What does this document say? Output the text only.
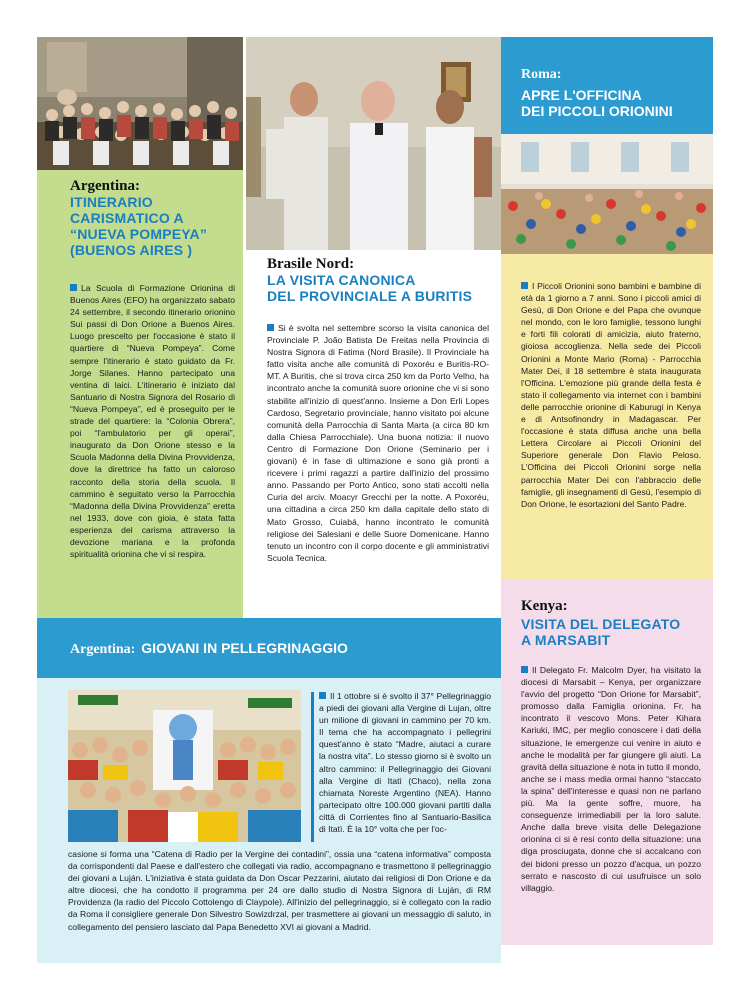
Argentina:
ITINERARIO CARISMATICO A “NUEVA POMPEYA” (BUENOS AIRES )
La Scuola di Formazione Orionina di Buenos Aires (EFO) ha organizzato sabato 24 settembre, il secondo itinerario orionino Sui passi di Don Orione a Buenos Aires. Luogo prescelto per l'occasione è stato il quartiere di “Nueva Pompeya”. Come sempre l'itinerario è stato guidato da Fr. Jorge Silanes. Hanno partecipato una ventina di laici. L'itinerario è iniziato dal Santuario di Nostra Signora del Rosario di “Nueva Pompeya”, ed è proseguito per le strade del quartiere: la “Colonia Obrera”, poi “l'ambulatorio per gli operai”, inaugurato da Don Orione stesso e la Scuola Madonna della Divina Provvidenza, dove la direttrice ha fatto un caloroso racconto della storia della scuola. Il cammino è seguitato verso la Parrocchia “Madonna della Divina Provvidenza” eretta nel 1933, dove con gioia, è stata fatta esperienza del carisma attraverso la devozione mariana e la profonda spiritualità orionina che vi si respira.
Brasile Nord:
LA VISITA CANONICA
DEL PROVINCIALE A BURITIS
Si è svolta nel settembre scorso la visita canonica del Provinciale P. João Batista De Freitas nella Provincia di Nostra Signora di Fatima (Nord Brasile). Il Provinciale ha fatto visita anche alle comunità di Poxoréu e Buritis-RO-MT. A Buritis, che si trova circa 250 km da Porto Velho, ha incontrato anche la comunità suore orionine che vi si sono stabilite all'inizio di quest'anno. Insieme a Don Erli Lopes Cardoso, Segretario provinciale, hanno visitato poi alcune comunità della Parrocchia di Santa Marta (a circa 80 km dalla Chiesa Parrocchiale). Una buona notizia: il nuovo Centro di Formazione Don Orione (Seminario per i giovani) è in fase di ultimazione e sono già pronti a ricevere i primi ragazzi a partire dall'inizio del prossimo anno. Passando per Porto Antico, sono stati accolti nella Curia del arciv. Moacyr Grecchi per la notte. A Poxoréu, una cittadina a circa 250 km dalla capitale dello stato di Mato Grosso, Cuiabá, hanno incontrato le comunità religiose dei Salesiani e delle Suore Domenicane. Hanno tenuto un incontro con il corpo docente e gli amministrativi Scuola Tecnica.
Roma:
APRE L'OFFICINA
DEI PICCOLI ORIONINI
I Piccoli Orionini sono bambini e bambine di età da 1 giorno a 7 anni. Sono i piccoli amici di Gesù, di Don Orione e del Papa che ovunque nel mondo, con le loro famiglie, tessono lunghi e forti fili colorati di amicizia, aiuto fraterno, gioiosa accoglienza. Nella sede dei Piccoli Orionini a Monte Mario (Roma) - Parrocchia Mater Dei, il 18 settembre è stata inaugurata l'Officina. L'emozione più grande della festa è stato il collegamento via internet con i bambini delle parrocchie orionine di Kaburugi in Kenya e di Antsofinondry in Madagascar. Per l'occasione è stata diffusa anche una bella Lettera Circolare ai Piccoli Orionini del Superiore generale Don Flavio Peloso. L'Officina dei Piccoli Orionini sorge nella parrocchia Mater Dei con l'abbraccio delle famiglie, gli insegnamenti di Gesù, l'esempio di Don Orione, le esortazioni del Santo Padre.
Kenya:
VISITA DEL DELEGATO
A MARSABIT
Il Delegato Fr. Malcolm Dyer, ha visitato la diocesi di Marsabit – Kenya, per organizzare l'avvio del progetto “Don Orione for Marsabit”, promosso dalla Famiglia orionina. Fr. ha incontrato il vescovo Mons. Peter Kihara Kariuki, IMC, per meglio conoscere i dati della situazione, le emergenze cui venire in aiuto e anche le modalità per far giungere gli aiuti. La gravità della situazione è nota in tutto il mondo, anche se i mass media ormai hanno “staccato la spina” dell'interesse e quasi non ne parlano più. Ma la gente soffre, muore, ha conseguenze irrimediabili per la loro salute. Anche dalla breve visita delle Delegazione orionina ci si è resi conto della situazione: una diga prosciugata, donne che si accalcano con dei bidoni presso un pozzo d'acqua, un pozzo serrato e nascosto di cui usufruisce un solo villaggio.
Argentina: GIOVANI IN PELLEGRINAGGIO
Il 1 ottobre si è svolto il 37° Pellegrinaggio a piedi dei giovani alla Vergine di Lujan, oltre un milione di giovani in cammino per 70 km. Il tema che ha accompagnato i pellegrini quest'anno è stato “Madre, aiutaci a curare la nostra vita”. Lo stesso giorno si è svolto un altro cammino: il Pellegrinaggio dei Giovani alla Vergine di Itatì (Chaco), nella zona chiamata Noreste Argentino (NEA). Hanno partecipato oltre 100.000 giovani partiti dalla città di Corrientes fino al Santuario-Basilica di Itatì. È la 10° volta che per l'oc-
casione si forma una “Catena di Radio per la Vergine dei contadini”, ossia una “catena informativa” composta da corrispondenti dal Paese e dall'estero che collegati via radio, accompagnano e trasmettono il pellegrinaggio dei giovani a Luján. L'iniziativa è stata guidata da Don Oscar Pezzarini, aiutato dai religiosi di Don Orione e da altre diocesi, che ha condotto il programma per 24 ore dallo studio di Nostra Signora di Luján, di RM Providenza (la radio del Piccolo Cottolengo di Claypole). All'inizio del pellegrinaggio, si è collegato con la radio da Roma il consigliere generale Don Silvestro Sowizdrzal, per trasmettere ai giovani un messaggio di saluto, in collegamento del pensiero lasciato dal Papa Benedetto XVI ai giovani a Madrid.
